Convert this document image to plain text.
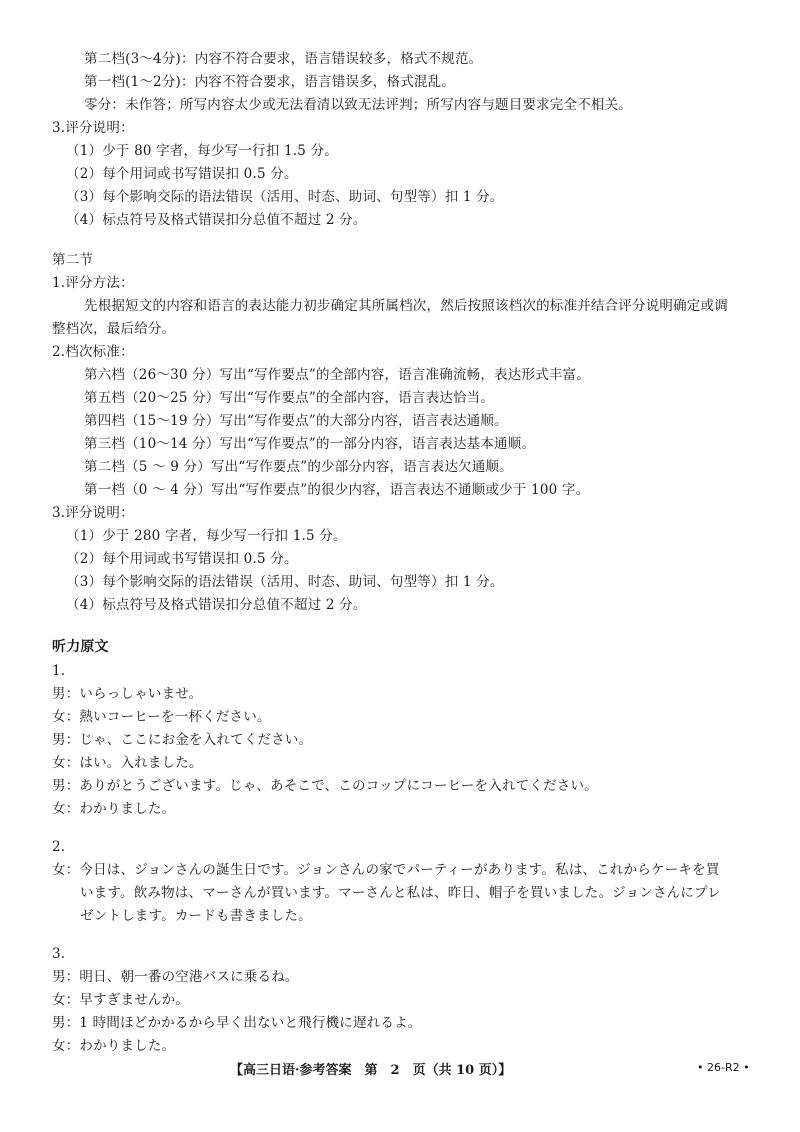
第二档(3～4分)：内容不符合要求，语言错误较多，格式不规范。
第一档(1～2分)：内容不符合要求，语言错误多，格式混乱。
零分：未作答；所写内容太少或无法看清以致无法评判；所写内容与题目要求完全不相关。
3.评分说明：
（1）少于 80 字者，每少写一行扣 1.5 分。
（2）每个用词或书写错误扣 0.5 分。
（3）每个影响交际的语法错误（活用、时态、助词、句型等）扣 1 分。
（4）标点符号及格式错误扣分总值不超过 2 分。
第二节
1.评分方法：
先根据短文的内容和语言的表达能力初步确定其所属档次，然后按照该档次的标准并结合评分说明确定或调
整档次，最后给分。
2.档次标准：
第六档（26～30 分）写出“写作要点”的全部内容，语言准确流畅，表达形式丰富。
第五档（20～25 分）写出“写作要点”的全部内容，语言表达恰当。
第四档（15～19 分）写出“写作要点”的大部分内容，语言表达通顺。
第三档（10～14 分）写出“写作要点”的一部分内容，语言表达基本通顺。
第二档（5 ～ 9 分）写出“写作要点”的少部分内容，语言表达欠通顺。
第一档（0 ～ 4 分）写出“写作要点”的很少内容，语言表达不通顺或少于 100 字。
3.评分说明：
（1）少于 280 字者，每少写一行扣 1.5 分。
（2）每个用词或书写错误扣 0.5 分。
（3）每个影响交际的语法错误（活用、时态、助词、句型等）扣 1 分。
（4）标点符号及格式错误扣分总值不超过 2 分。
听力原文
1.
男：いらっしゃいませ。
女：熱いコーヒーを一杯ください。
男：じゃ、ここにお金を入れてください。
女：はい。入れました。
男：ありがとうございます。じゃ、あそこで、このコップにコーヒーを入れてください。
女：わかりました。
2.
女：今日は、ジョンさんの誕生日です。ジョンさんの家でパーティーがあります。私は、これからケーキを買
います。飲み物は、マーさんが買います。マーさんと私は、昨日、帽子を買いました。ジョンさんにプレ
ゼントします。カードも書きました。
3.
男：明日、朝一番の空港バスに乗るね。
女：早すぎませんか。
男：1 時間ほどかかるから早く出ないと飛行機に遅れるよ。
女：わかりました。
【高三日语·参考答案　第　2　页（共 10 页）】	• 26-R2 •
